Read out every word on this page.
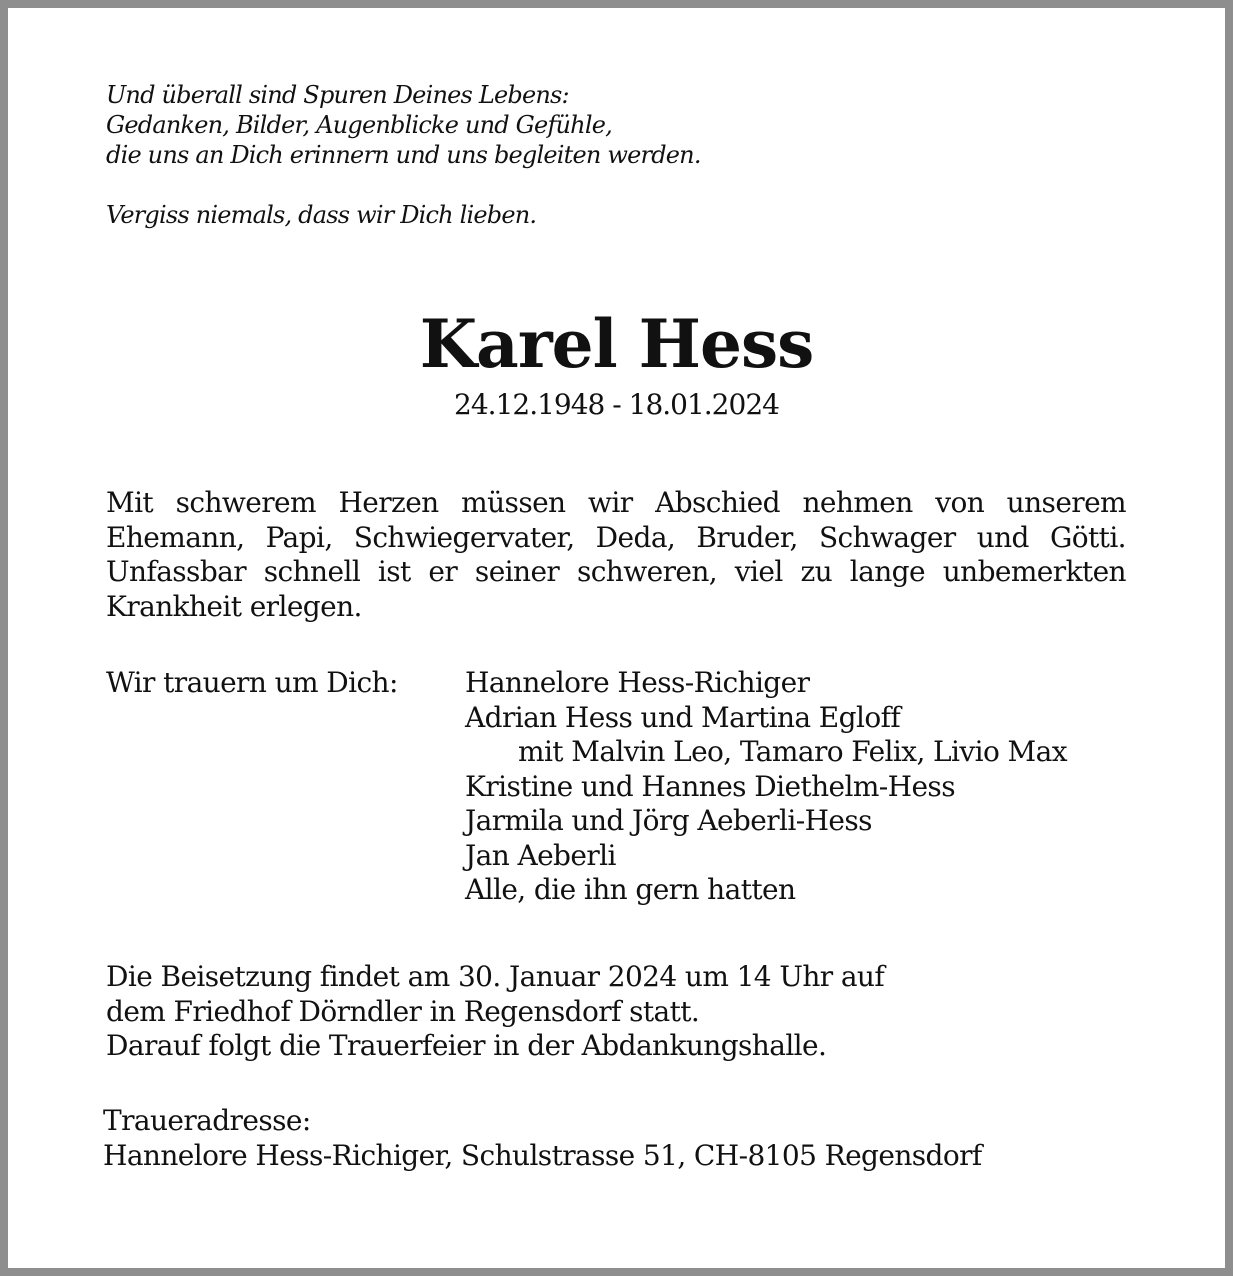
Und überall sind Spuren Deines Lebens:
Gedanken, Bilder, Augenblicke und Gefühle,
die uns an Dich erinnern und uns begleiten werden.
Vergiss niemals, dass wir Dich lieben.
Karel Hess
24.12.1948 - 18.01.2024
Mit schwerem Herzen müssen wir Abschied nehmen von unserem Ehemann, Papi, Schwiegervater, Deda, Bruder, Schwager und Götti. Unfassbar schnell ist er seiner schweren, viel zu lange unbemerkten Krankheit erlegen.
Wir trauern um Dich: Hannelore Hess-Richiger
Adrian Hess und Martina Egloff
mit Malvin Leo, Tamaro Felix, Livio Max
Kristine und Hannes Diethelm-Hess
Jarmila und Jörg Aeberli-Hess
Jan Aeberli
Alle, die ihn gern hatten
Die Beisetzung findet am 30. Januar 2024 um 14 Uhr auf
dem Friedhof Dörndler in Regensdorf statt.
Darauf folgt die Trauerfeier in der Abdankungshalle.
Traueradresse:
Hannelore Hess-Richiger, Schulstrasse 51, CH-8105 Regensdorf
